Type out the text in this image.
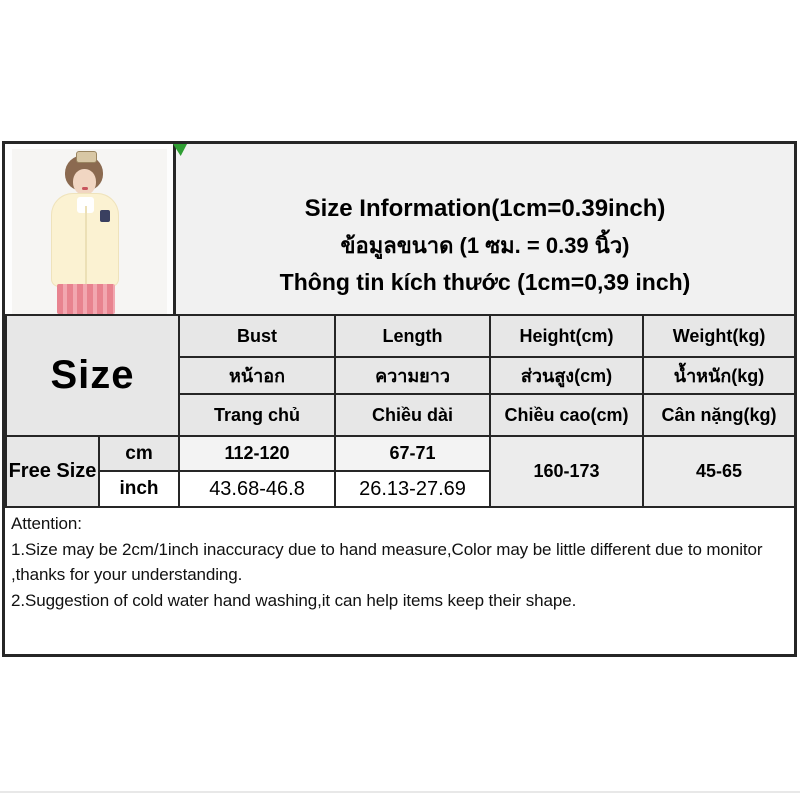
Size Information(1cm=0.39inch)
ข้อมูลขนาด (1 ซม. = 0.39 นิ้ว)
Thông tin kích thước (1cm=0,39 inch)
Size		Bust	Length	Height(cm)	Weight(kg)
		หน้าอก	ความยาว	ส่วนสูง(cm)	น้ำหนัก(kg)
		Trang chủ	Chiều dài	Chiều cao(cm)	Cân nặng(kg)
Free Size	cm	112-120	67-71	160-173	45-65
	inch	43.68-46.8	26.13-27.69		
Attention:
1.Size may be 2cm/1inch inaccuracy due to hand measure,Color may be little different due to monitor ,thanks for your understanding.
2.Suggestion of cold water hand washing,it can help items keep their shape.
